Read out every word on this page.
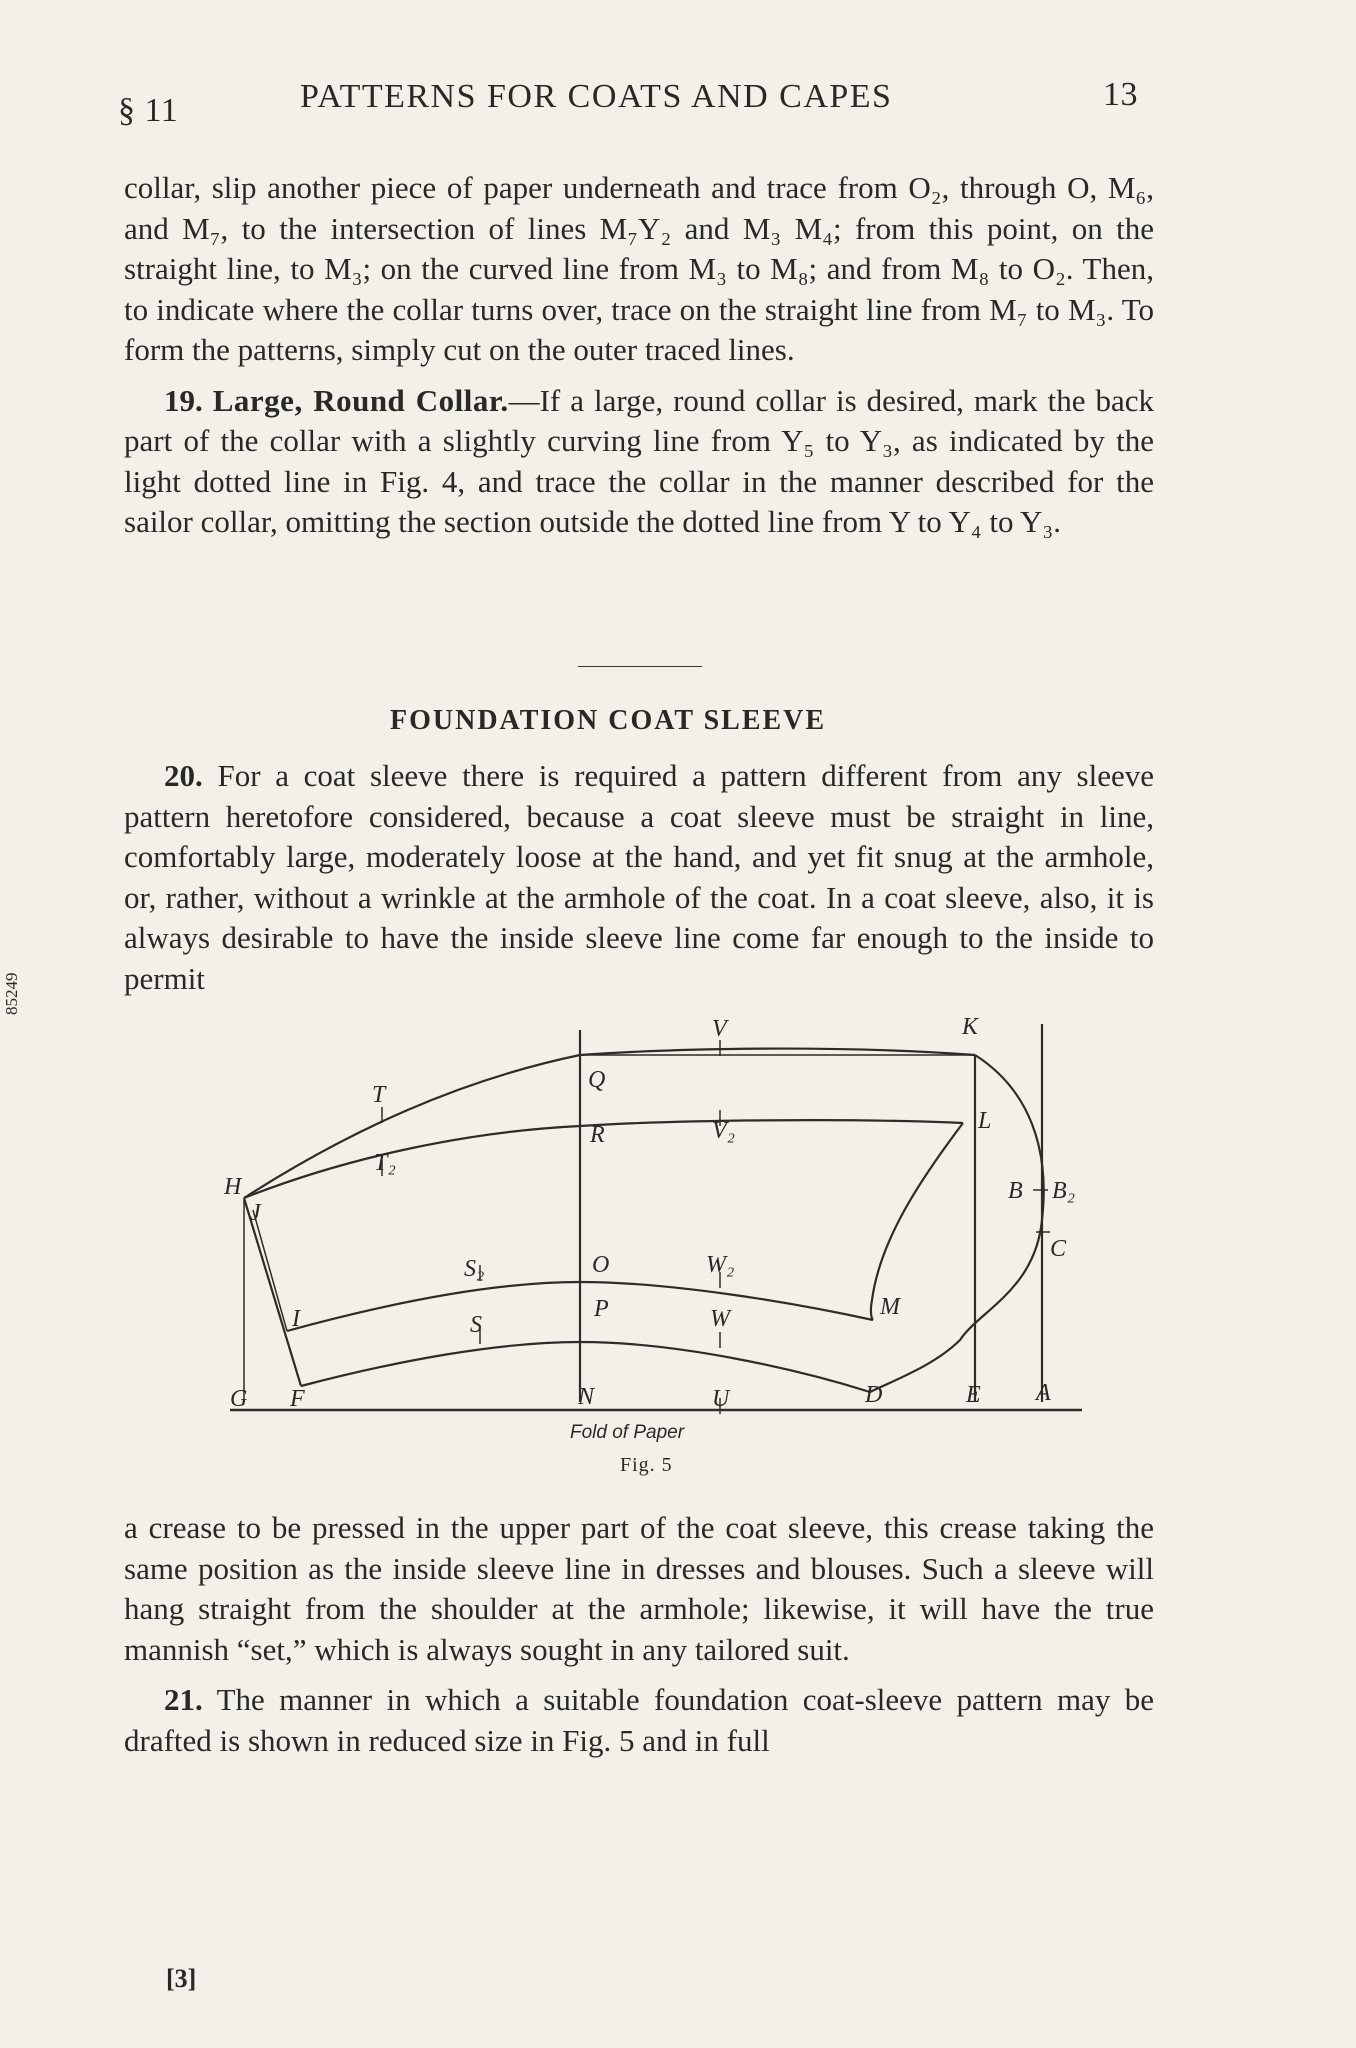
85249
§ 11	PATTERNS FOR COATS AND CAPES	13

collar, slip another piece of paper underneath and trace from O₂, through O, M₆, and M₇, to the intersection of lines M₇Y₂ and M₃ M₄; from this point, on the straight line, to M₃; on the curved line from M₃ to M₈; and from M₈ to O₂. Then, to indicate where the collar turns over, trace on the straight line from M₇ to M₃. To form the patterns, simply cut on the outer traced lines.

19. Large, Round Collar.—If a large, round collar is desired, mark the back part of the collar with a slightly curving line from Y₅ to Y₃, as indicated by the light dotted line in Fig. 4, and trace the collar in the manner described for the sailor collar, omitting the section outside the dotted line from Y to Y₄ to Y₃.

FOUNDATION COAT SLEEVE

20. For a coat sleeve there is required a pattern different from any sleeve pattern heretofore considered, because a coat sleeve must be straight in line, comfortably large, moderately loose at the hand, and yet fit snug at the armhole, or, rather, without a wrinkle at the armhole of the coat. In a coat sleeve, also, it is always desirable to have the inside sleeve line come far enough to the inside to permit

V	K
Q
T
R	V₂	L
T₂
H
J
B B₂
C
S₂	O	W₂
M
I	P
S	W
G F	N	U	D	E A
Fold of Paper
Fig. 5

a crease to be pressed in the upper part of the coat sleeve, this crease taking the same position as the inside sleeve line in dresses and blouses. Such a sleeve will hang straight from the shoulder at the armhole; likewise, it will have the true mannish “set,” which is always sought in any tailored suit.

21. The manner in which a suitable foundation coat-sleeve pattern may be drafted is shown in reduced size in Fig. 5 and in full

[3]
